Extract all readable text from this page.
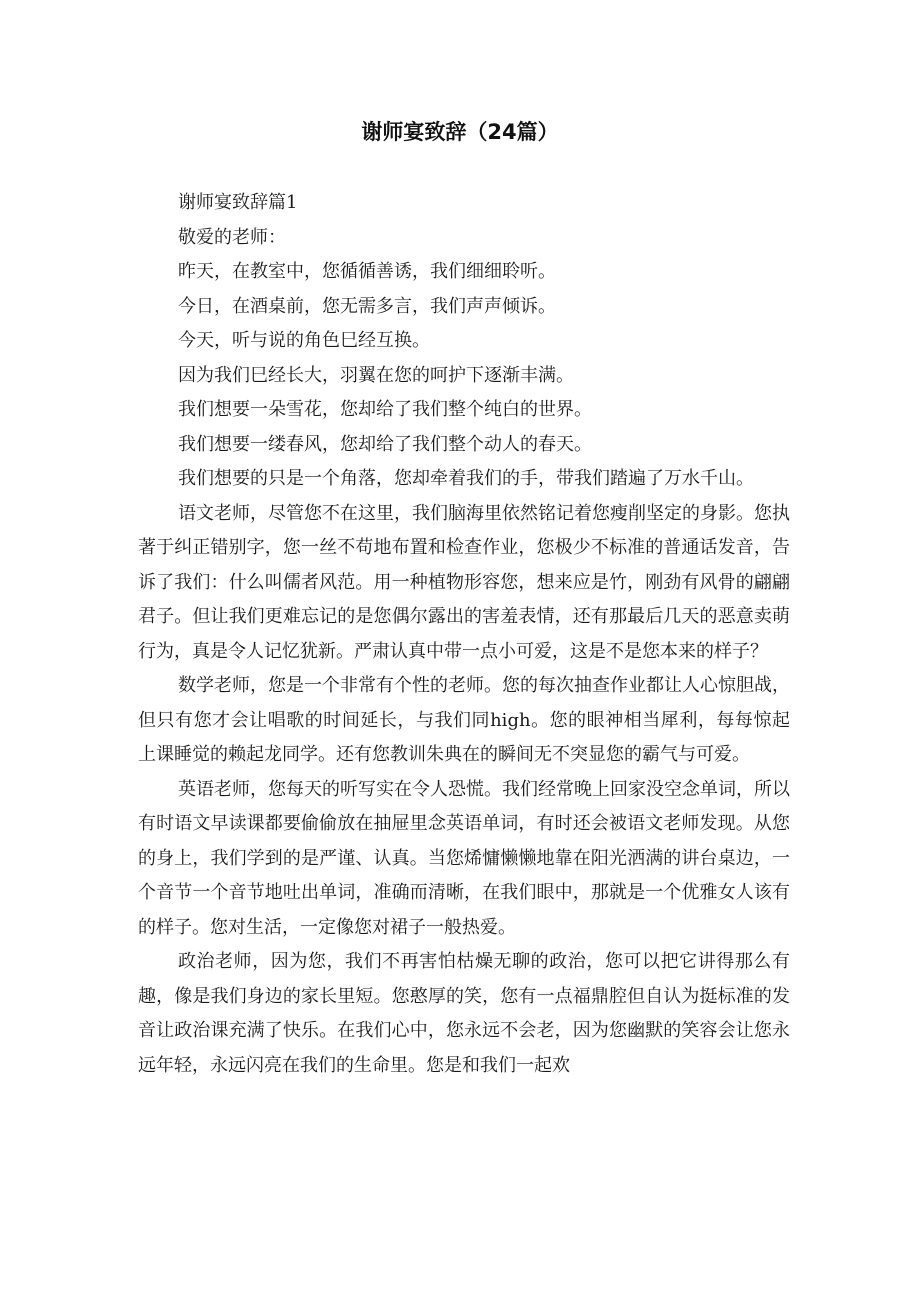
谢师宴致辞（24篇）
谢师宴致辞篇1
敬爱的老师：
昨天，在教室中，您循循善诱，我们细细聆听。
今日，在酒桌前，您无需多言，我们声声倾诉。
今天，听与说的角色巳经互换。
因为我们巳经长大，羽翼在您的呵护下逐渐丰满。
我们想要一朵雪花，您却给了我们整个纯白的世界。
我们想要一缕春风，您却给了我们整个动人的春天。

我们想要的只是一个角落，您却牵着我们的手，带我们踏遍了万水千山。

语文老师，尽管您不在这里，我们脑海里依然铭记着您瘦削坚定的身影。您执著于纠正错别字，您一丝不苟地布置和检查作业，您极少不标准的普通话发音，告诉了我们：什么叫儒者风范。用一种植物形容您，想来应是竹，刚劲有风骨的翩翩君子。但让我们更难忘记的是您偶尔露出的害羞表情，还有那最后几天的恶意卖萌行为，真是令人记忆犹新。严肃认真中带一点小可爱，这是不是您本来的样子？

数学老师，您是一个非常有个性的老师。您的每次抽查作业都让人心惊胆战，但只有您才会让唱歌的时间延长，与我们同high。您的眼神相当犀利，每每惊起上课睡觉的赖起龙同学。还有您教训朱典在的瞬间无不突显您的霸气与可爱。

英语老师，您每天的听写实在令人恐慌。我们经常晚上回家没空念单词，所以有时语文早读课都要偷偷放在抽屉里念英语单词，有时还会被语文老师发现。从您的身上，我们学到的是严谨、认真。当您烯慵懒懒地靠在阳光洒满的讲台桌边，一个音节一个音节地吐出单词，准确而清晰，在我们眼中，那就是一个优雅女人该有的样子。您对生活，一定像您对裙子一般热爱。

政治老师，因为您，我们不再害怕枯燥无聊的政治，您可以把它讲得那么有趣，像是我们身边的家长里短。您憨厚的笑，您有一点福鼎腔但自认为挺标准的发音让政治课充满了快乐。在我们心中，您永远不会老，因为您幽默的笑容会让您永远年轻，永远闪亮在我们的生命里。您是和我们一起欢
